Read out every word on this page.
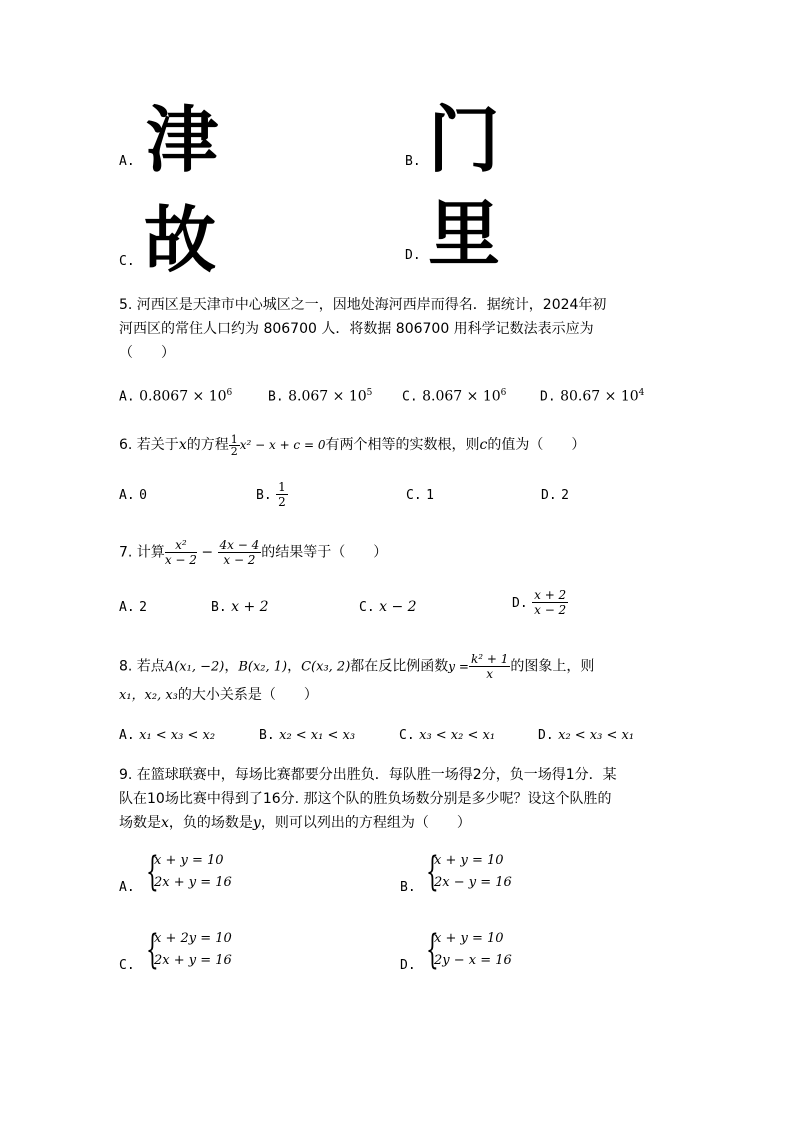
A. 津	B. 门
C. 故	D. 里
5. 河西区是天津市中心城区之一，因地处海河西岸而得名．据统计，2024年初
河西区的常住人口约为 806700 人．将数据 806700 用科学记数法表示应为
（　　）
A. $0.8067 \times 10^6$	B. $8.067 \times 10^5$ C. $8.067 \times 10^6$	D. $80.67 \times 10^4$
6. 若关于x的方程 $\frac{1}{2} x^2 - x + c = 0$有两个相等的实数根，则c的值为（　　）
A. 0	B. $\frac{1}{2}$	C. 1	D. 2
7. 计算 $\frac{\text{x²}}{x - 2} - \frac{4x - 4}{x - 2}$ 的结果等于（　　）
A. 2	B. x + 2	C. x − 2	D. $\frac{x + 2}{x - 2}$
8. 若点A(x₁, −2)，B(x₂, 1)，C(x₃, 2)都在反比例函数$y = \frac{\text{k² + 1}}{x}$ 的图象上，则
x₁，x₂, x₃的大小关系是（　　）
A. x₁ < x₃ < x₂	B. x₂ < x₁ < x₃	C. x₃ < x₂ < x₁	D. x₂ < x₃ < x₁
9. 在篮球联赛中，每场比赛都要分出胜负．每队胜一场得2分，负一场得1分．某
队在10场比赛中得到了16分. 那这个队的胜负场数分别是多少呢？设这个队胜的
场数是x，负的场数是y，则可以列出的方程组为（　　）
A. {
x + y = 10
2x + y = 16	B. {
x + y = 10
2x − y = 16
C. {
x + 2y = 10
2x + y = 16	D. {
x + y = 10
2y − x = 16
